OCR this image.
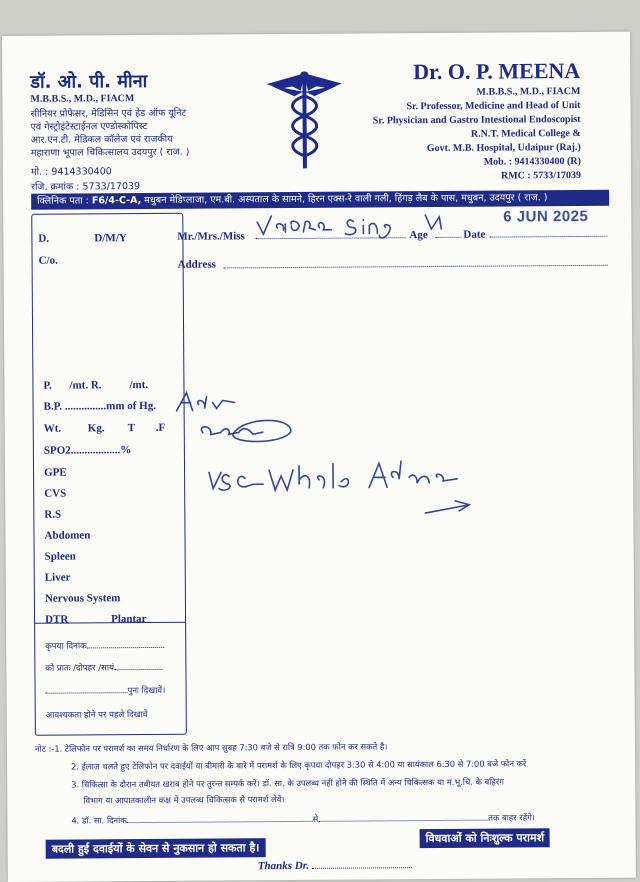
डॉ. ओ. पी. मीना
M.B.B.S., M.D., FIACM
सीनियर प्रोफेसर, मेडिसिन एवं हेड ऑफ यूनिट
एवं गेस्ट्रोइंटेस्टाईनल एण्डोस्कोपिस्ट
आर.एन.टी. मेडिकल कॉलेज एवं राजकीय
महाराणा भूपाल चिकित्सालय उदयपुर ( राज. )
मो. : 9414330400
रजि. क्रमांक : 5733/17039
Dr. O. P. MEENA
M.B.B.S., M.D., FIACM
Sr. Professor, Medicine and Head of Unit
Sr. Physician and Gastro Intestional Endoscopist
R.N.T. Medical College &
Govt. M.B. Hospital, Udaipur (Raj.)
Mob. : 9414330400 (R)
RMC : 5733/17039
क्लिनिक पता : F6/4-C-A, मधुबन मेडिप्लाजा, एम.बी. अस्पताल के सामने, हिरन एक्स-रे वाली गली, हिंगड़ लैब के पास, मधुबन, उदयपुर ( राज. )
Mr./Mrs./Miss	Age	Date
6 JUN 2025
Address
D.	D/M/Y
C/o.
P. /mt. R.	/mt.
B.P. ...............mm of Hg.
Wt. Kg. T .F
SPO2..................%
GPE
CVS
R.S
Abdomen
Spleen
Liver
Nervous System
DTR	Plantar
कृपया दिनांक
को प्रातः /दोपहर /सायं
पुनः दिखावें।
आवश्यकता होने पर पहले दिखावें
नोट :-1. टेलिफोन पर परामर्श का समय निर्धारण के लिए आप सुबह 7:30 बजे से रात्रि 9:00 तक फोन कर सकते है।
2. ईलाज चलते हुए टेलिफोन पर दवाईयों या बीमारी के बारे में परामर्श के लिए कृपया दोपहर 3:30 से 4:00 या सायंकाल 6:30 से 7:00 बजे फोन करें
3. चिकित्सा के दौरान तबीयत खराब होने पर तुरन्त सम्पर्क करें। डॉ. सा. के उपलब्ध नहीं होने की स्थिति में अन्य चिकित्सक या म.भू.चि. के बहिरंग
विभाग या आपातकालीन कक्ष में उपलब्ध चिकित्सक से परामर्श लेवें।
4. डॉ. सा. दिनांक	से	तक बाहर रहेंगे।
बदली हुई दवाईयों के सेवन से नुकसान हो सकता है।
विधवाओं को निःशुल्क परामर्श
Thanks Dr.
